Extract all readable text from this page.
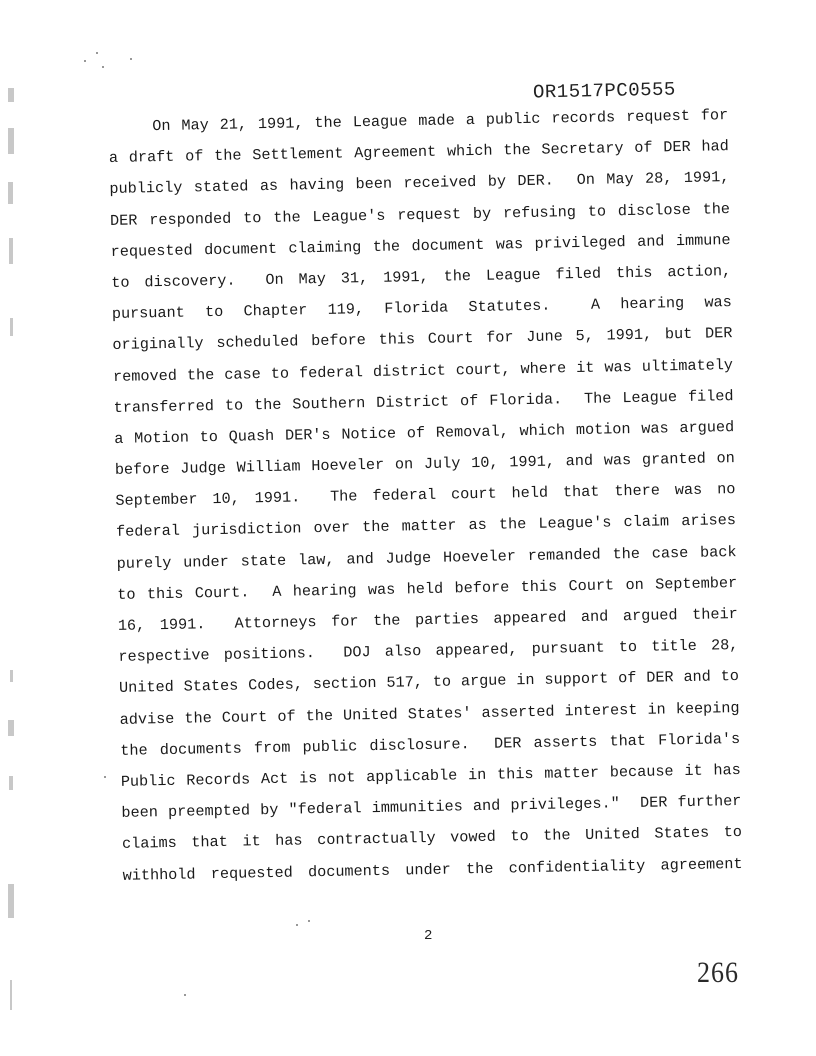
OR1517PC0555
On May 21, 1991, the League made a public records request for
a draft of the Settlement Agreement which the Secretary of DER had
publicly stated as having been received by DER.  On May 28, 1991,
DER responded to the League's request by refusing to disclose the
requested document claiming the document was privileged and immune
to discovery.  On May 31, 1991, the League filed this action,
pursuant to Chapter 119, Florida Statutes.  A hearing was
originally scheduled before this Court for June 5, 1991, but DER
removed the case to federal district court, where it was ultimately
transferred to the Southern District of Florida.  The League filed
a Motion to Quash DER's Notice of Removal, which motion was argued
before Judge William Hoeveler on July 10, 1991, and was granted on
September 10, 1991.  The federal court held that there was no
federal jurisdiction over the matter as the League's claim arises
purely under state law, and Judge Hoeveler remanded the case back
to this Court.  A hearing was held before this Court on September
16, 1991.  Attorneys for the parties appeared and argued their
respective positions.  DOJ also appeared, pursuant to title 28,
United States Codes, section 517, to argue in support of DER and to
advise the Court of the United States' asserted interest in keeping
the documents from public disclosure.  DER asserts that Florida's
Public Records Act is not applicable in this matter because it has
been preempted by "federal immunities and privileges."  DER further
claims that it has contractually vowed to the United States to
withhold requested documents under the confidentiality agreement
2
266
